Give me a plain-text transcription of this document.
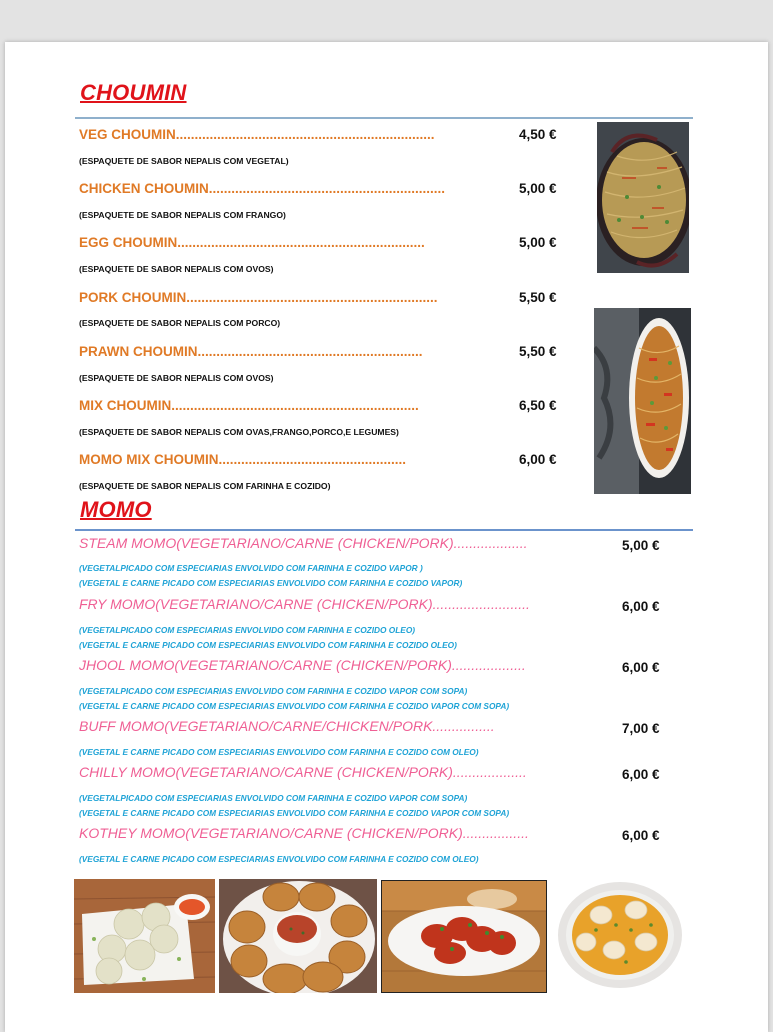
CHOUMIN
VEG CHOUMIN.....................................................................	4,50 €
(ESPAQUETE DE SABOR NEPALIS COM VEGETAL)
CHICKEN CHOUMIN...............................................................	5,00 €
(ESPAQUETE DE SABOR NEPALIS COM FRANGO)
EGG CHOUMIN..................................................................	5,00 €
(ESPAQUETE DE SABOR NEPALIS COM OVOS)
PORK CHOUMIN...................................................................	5,50 €
(ESPAQUETE DE SABOR NEPALIS COM PORCO)
PRAWN CHOUMIN............................................................	5,50 €
(ESPAQUETE DE SABOR NEPALIS COM OVOS)
MIX CHOUMIN..................................................................	6,50 €
(ESPAQUETE DE SABOR NEPALIS COM OVAS,FRANGO,PORCO,E LEGUMES)
MOMO MIX CHOUMIN..................................................	6,00 €
(ESPAQUETE DE SABOR NEPALIS COM FARINHA E COZIDO)
MOMO
STEAM MOMO(VEGETARIANO/CARNE (CHICKEN/PORK)...................	5,00 €
(VEGETALPICADO COM ESPECIARIAS ENVOLVIDO COM FARINHA E COZIDO VAPOR )
(VEGETAL E CARNE PICADO COM ESPECIARIAS ENVOLVIDO COM FARINHA E COZIDO VAPOR)
FRY MOMO(VEGETARIANO/CARNE (CHICKEN/PORK).........................	6,00 €
(VEGETALPICADO COM ESPECIARIAS ENVOLVIDO COM FARINHA E COZIDO OLEO)
(VEGETAL E CARNE PICADO COM ESPECIARIAS ENVOLVIDO COM FARINHA E COZIDO OLEO)
JHOOL MOMO(VEGETARIANO/CARNE (CHICKEN/PORK)...................	6,00 €
(VEGETALPICADO COM ESPECIARIAS ENVOLVIDO COM FARINHA E COZIDO VAPOR COM SOPA)
(VEGETAL E CARNE PICADO COM ESPECIARIAS ENVOLVIDO COM FARINHA E COZIDO VAPOR COM SOPA)
BUFF MOMO(VEGETARIANO/CARNE/CHICKEN/PORK................	7,00 €
(VEGETAL E CARNE PICADO COM ESPECIARIAS ENVOLVIDO COM FARINHA E COZIDO COM OLEO)
CHILLY MOMO(VEGETARIANO/CARNE (CHICKEN/PORK)...................	6,00 €
(VEGETALPICADO COM ESPECIARIAS ENVOLVIDO COM FARINHA E COZIDO VAPOR COM SOPA)
(VEGETAL E CARNE PICADO COM ESPECIARIAS ENVOLVIDO COM FARINHA E COZIDO VAPOR COM SOPA)
KOTHEY MOMO(VEGETARIANO/CARNE (CHICKEN/PORK).................	6,00 €
(VEGETAL E CARNE PICADO COM ESPECIARIAS ENVOLVIDO COM FARINHA E COZIDO COM OLEO)
